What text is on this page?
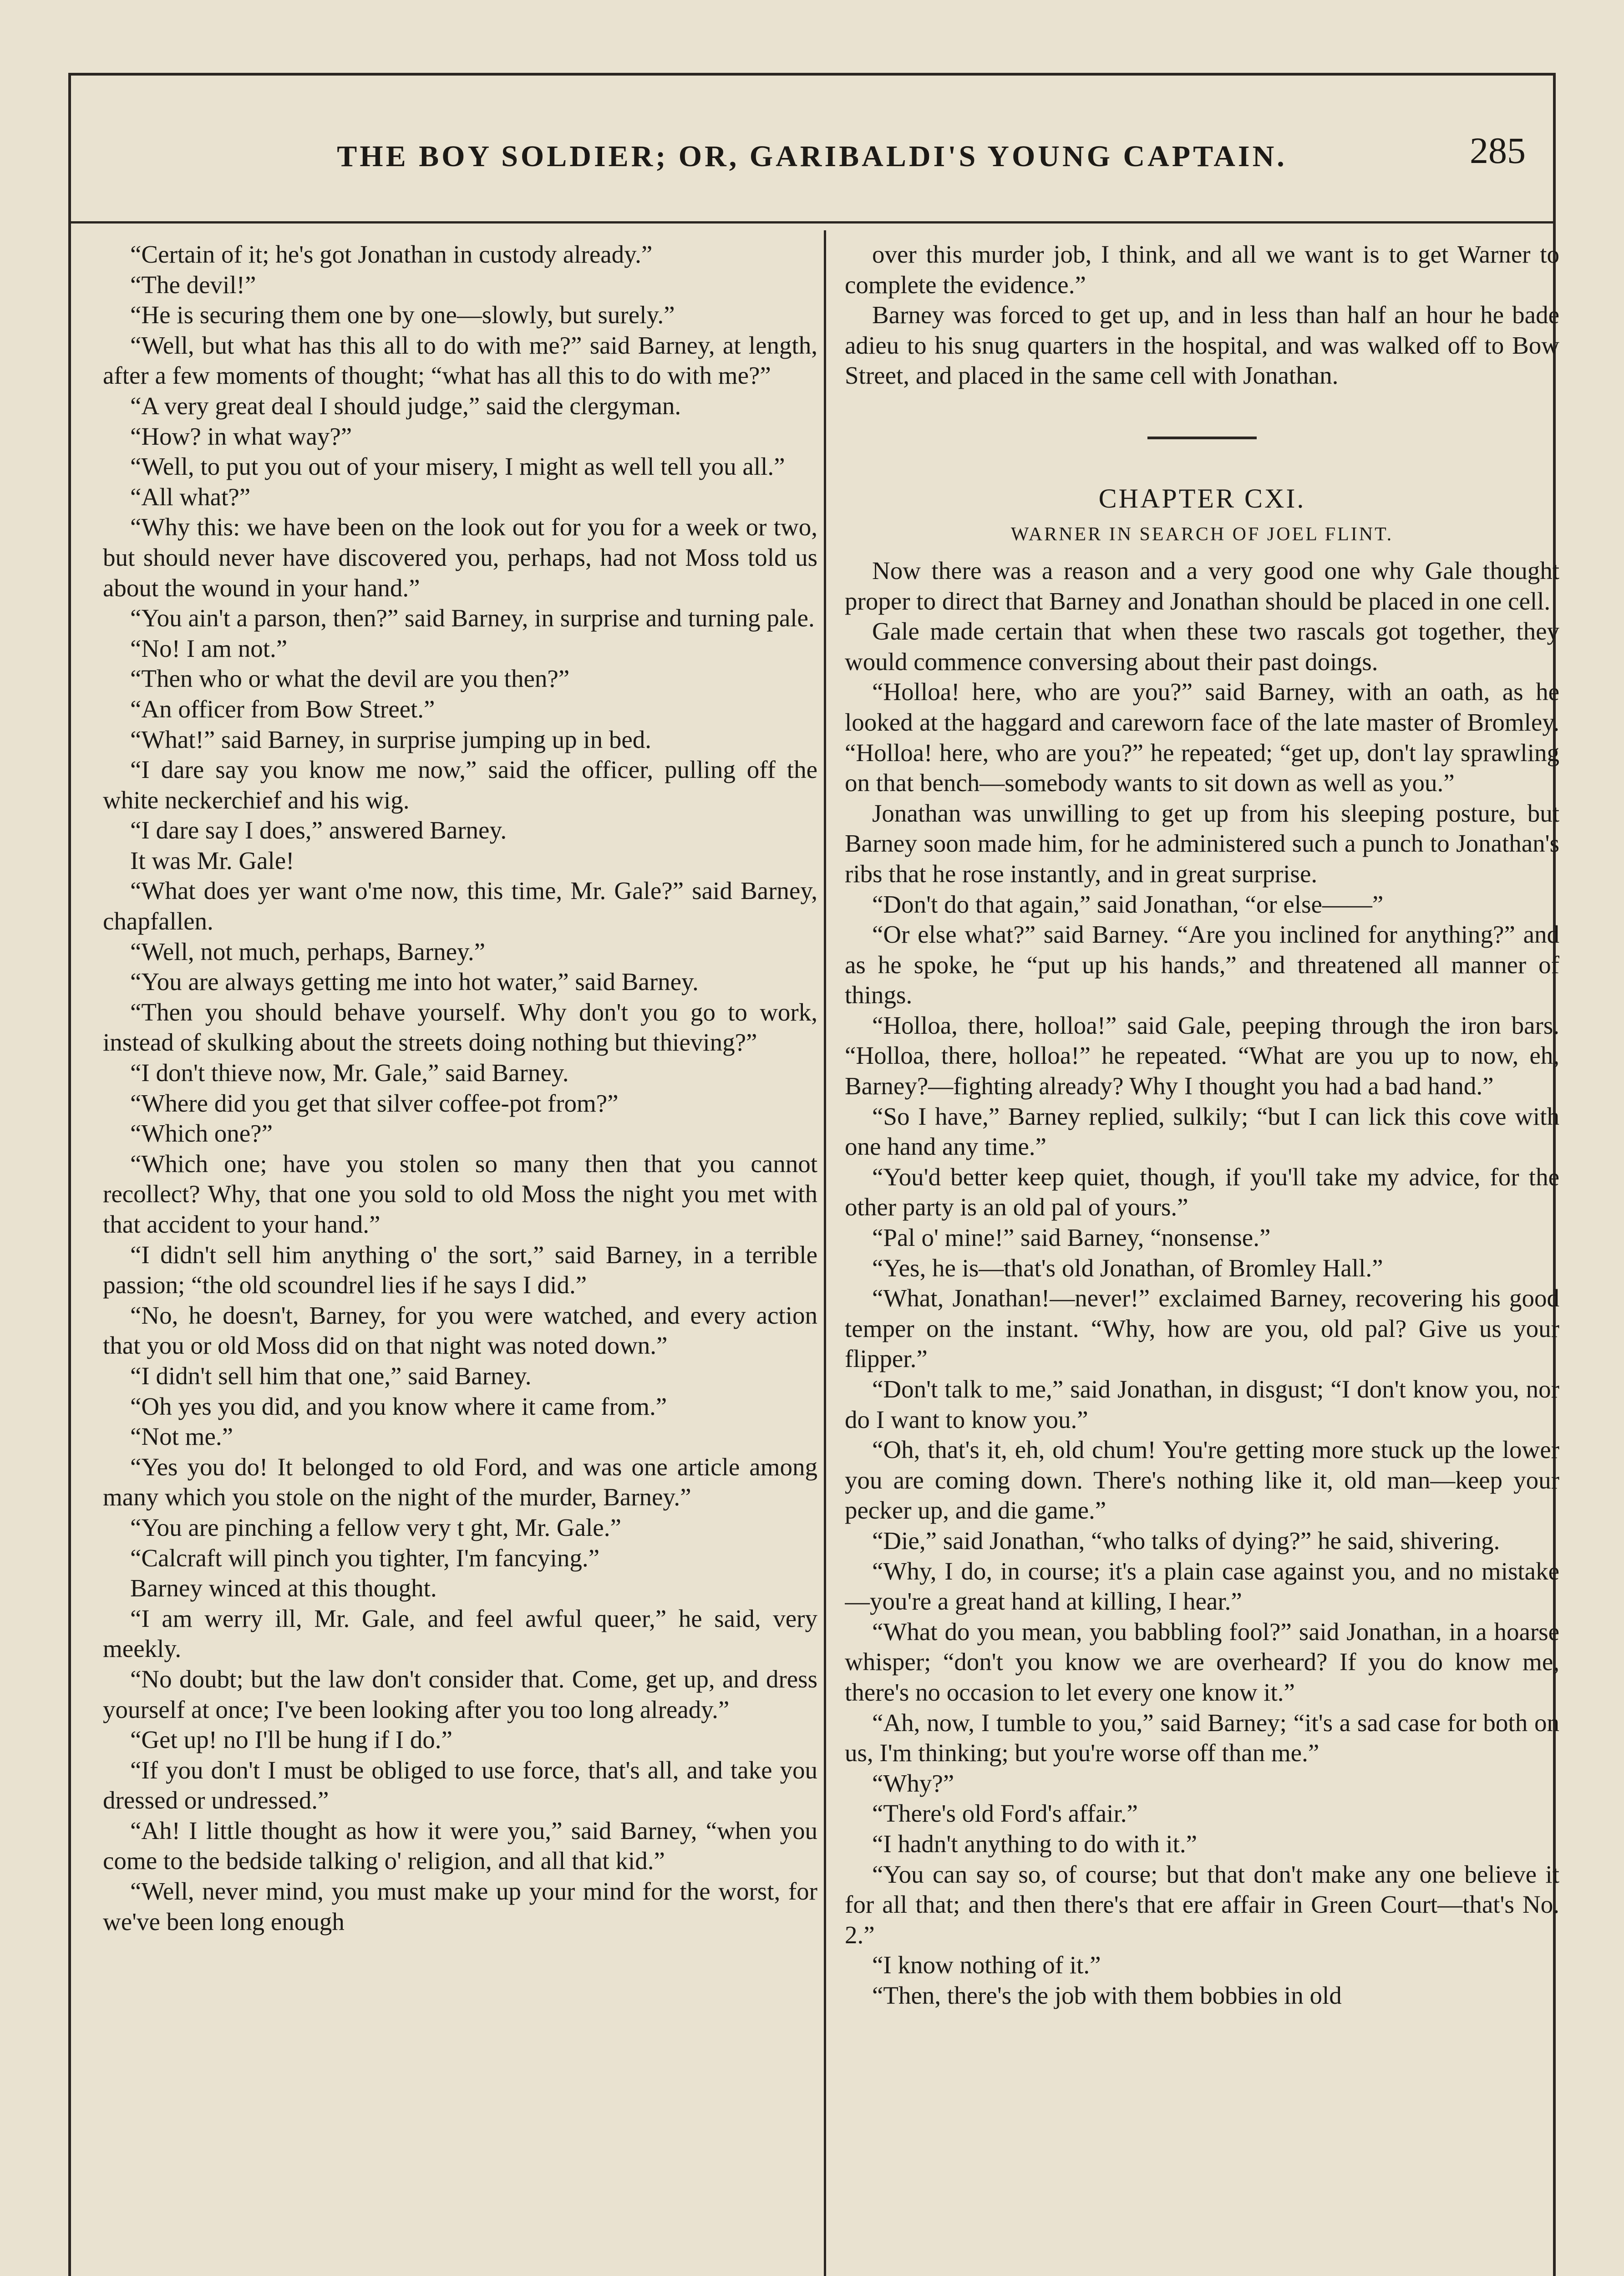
THE BOY SOLDIER; OR, GARIBALDI'S YOUNG CAPTAIN.	285

“Certain of it; he's got Jonathan in custody already.”

“The devil!”

“He is securing them one by one—slowly, but surely.”

“Well, but what has this all to do with me?” said Barney, at length, after a few moments of thought; “what has all this to do with me?”

“A very great deal I should judge,” said the clergyman.

“How? in what way?”

“Well, to put you out of your misery, I might as well tell you all.”

“All what?”

“Why this: we have been on the look out for you for a week or two, but should never have discovered you, perhaps, had not Moss told us about the wound in your hand.”

“You ain't a parson, then?” said Barney, in surprise and turning pale.

“No! I am not.”

“Then who or what the devil are you then?”

“An officer from Bow Street.”

“What!” said Barney, in surprise jumping up in bed.

“I dare say you know me now,” said the officer, pulling off the white neckerchief and his wig.

“I dare say I does,” answered Barney.

It was Mr. Gale!

“What does yer want o'me now, this time, Mr. Gale?” said Barney, chapfallen.

“Well, not much, perhaps, Barney.”

“You are always getting me into hot water,” said Barney.

“Then you should behave yourself. Why don't you go to work, instead of skulking about the streets doing nothing but thieving?”

“I don't thieve now, Mr. Gale,” said Barney.

“Where did you get that silver coffee-pot from?”

“Which one?”

“Which one; have you stolen so many then that you cannot recollect? Why, that one you sold to old Moss the night you met with that accident to your hand.”

“I didn't sell him anything o' the sort,” said Barney, in a terrible passion; “the old scoundrel lies if he says I did.”

“No, he doesn't, Barney, for you were watched, and every action that you or old Moss did on that night was noted down.”

“I didn't sell him that one,” said Barney.

“Oh yes you did, and you know where it came from.”

“Not me.”

“Yes you do! It belonged to old Ford, and was one article among many which you stole on the night of the murder, Barney.”

“You are pinching a fellow very t ght, Mr. Gale.”

“Calcraft will pinch you tighter, I'm fancying.”

Barney winced at this thought.

“I am werry ill, Mr. Gale, and feel awful queer,” he said, very meekly.

“No doubt; but the law don't consider that. Come, get up, and dress yourself at once; I've been looking after you too long already.”

“Get up! no I'll be hung if I do.”

“If you don't I must be obliged to use force, that's all, and take you dressed or undressed.”

“Ah! I little thought as how it were you,” said Barney, “when you come to the bedside talking o' religion, and all that kid.”

“Well, never mind, you must make up your mind for the worst, for we've been long enough

over this murder job, I think, and all we want is to get Warner to complete the evidence.”

Barney was forced to get up, and in less than half an hour he bade adieu to his snug quarters in the hospital, and was walked off to Bow Street, and placed in the same cell with Jonathan.

CHAPTER CXI.

WARNER IN SEARCH OF JOEL FLINT.

Now there was a reason and a very good one why Gale thought proper to direct that Barney and Jonathan should be placed in one cell.

Gale made certain that when these two rascals got together, they would commence conversing about their past doings.

“Holloa! here, who are you?” said Barney, with an oath, as he looked at the haggard and careworn face of the late master of Bromley. “Holloa! here, who are you?” he repeated; “get up, don't lay sprawling on that bench—somebody wants to sit down as well as you.”

Jonathan was unwilling to get up from his sleeping posture, but Barney soon made him, for he administered such a punch to Jonathan's ribs that he rose instantly, and in great surprise.

“Don't do that again,” said Jonathan, “or else——”

“Or else what?” said Barney. “Are you inclined for anything?” and as he spoke, he “put up his hands,” and threatened all manner of things.

“Holloa, there, holloa!” said Gale, peeping through the iron bars. “Holloa, there, holloa!” he repeated. “What are you up to now, eh, Barney?—fighting already? Why I thought you had a bad hand.”

“So I have,” Barney replied, sulkily; “but I can lick this cove with one hand any time.”

“You'd better keep quiet, though, if you'll take my advice, for the other party is an old pal of yours.”

“Pal o' mine!” said Barney, “nonsense.”

“Yes, he is—that's old Jonathan, of Bromley Hall.”

“What, Jonathan!—never!” exclaimed Barney, recovering his good temper on the instant. “Why, how are you, old pal? Give us your flipper.”

“Don't talk to me,” said Jonathan, in disgust; “I don't know you, nor do I want to know you.”

“Oh, that's it, eh, old chum! You're getting more stuck up the lower you are coming down. There's nothing like it, old man—keep your pecker up, and die game.”

“Die,” said Jonathan, “who talks of dying?” he said, shivering.

“Why, I do, in course; it's a plain case against you, and no mistake—you're a great hand at killing, I hear.”

“What do you mean, you babbling fool?” said Jonathan, in a hoarse whisper; “don't you know we are overheard? If you do know me, there's no occasion to let every one know it.”

“Ah, now, I tumble to you,” said Barney; “it's a sad case for both on us, I'm thinking; but you're worse off than me.”

“Why?”

“There's old Ford's affair.”

“I hadn't anything to do with it.”

“You can say so, of course; but that don't make any one believe it for all that; and then there's that ere affair in Green Court—that's No. 2.”

“I know nothing of it.”

“Then, there's the job with them bobbies in old
